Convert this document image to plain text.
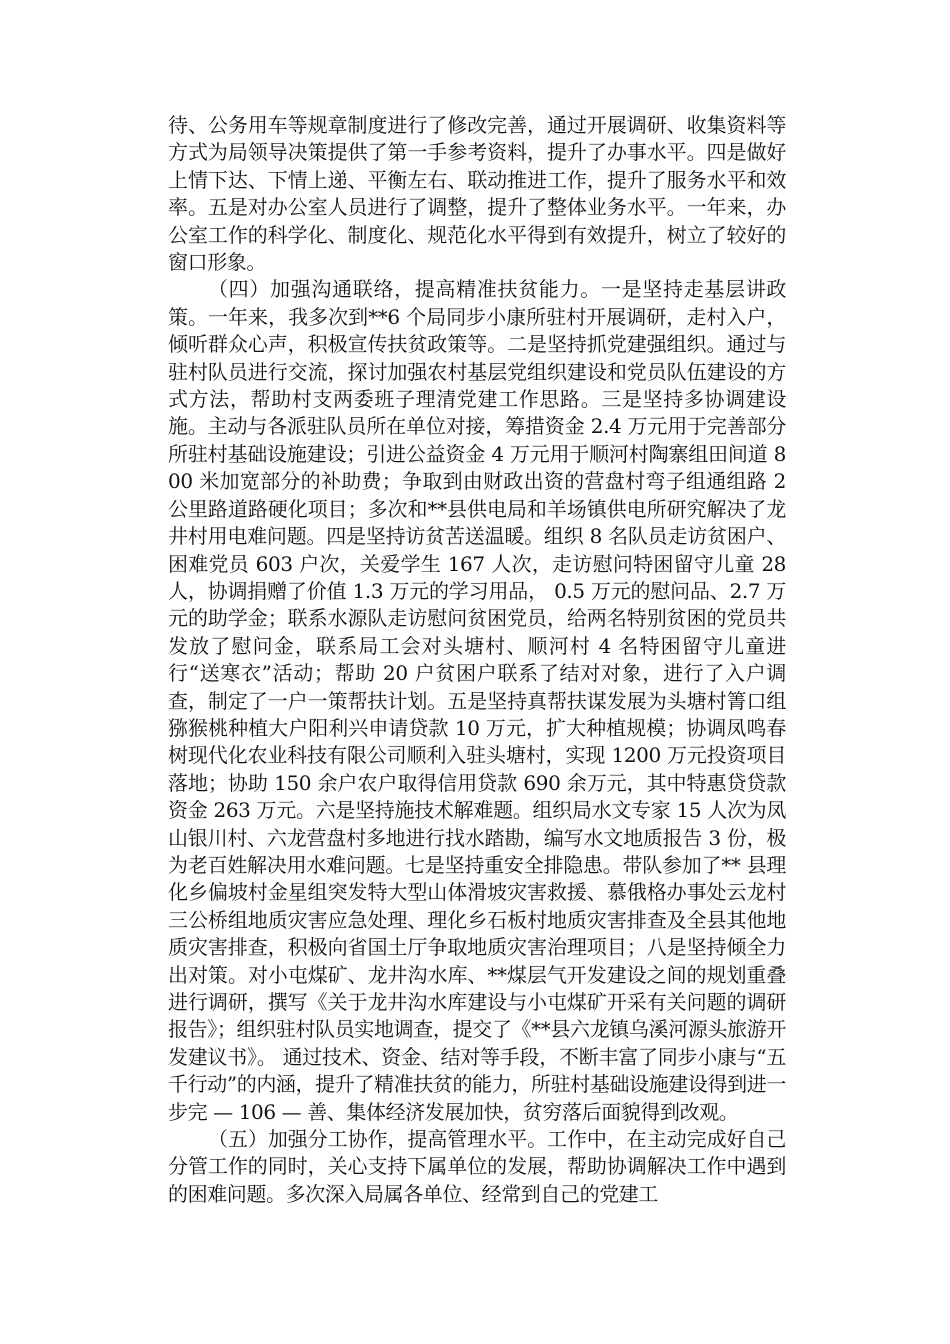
待、公务用车等规章制度进行了修改完善，通过开展调研、收集资料等方式为局领导决策提供了第一手参考资料，提升了办事水平。四是做好上情下达、下情上递、平衡左右、联动推进工作，提升了服务水平和效率。五是对办公室人员进行了调整，提升了整体业务水平。一年来，办公室工作的科学化、制度化、规范化水平得到有效提升，树立了较好的窗口形象。

（四）加强沟通联络，提高精准扶贫能力。一是坚持走基层讲政策。一年来，我多次到**6 个局同步小康所驻村开展调研，走村入户，倾听群众心声，积极宣传扶贫政策等。二是坚持抓党建强组织。通过与驻村队员进行交流，探讨加强农村基层党组织建设和党员队伍建设的方式方法，帮助村支两委班子理清党建工作思路。三是坚持多协调建设施。主动与各派驻队员所在单位对接，筹措资金 2.4 万元用于完善部分所驻村基础设施建设；引进公益资金 4 万元用于顺河村陶寨组田间道 800 米加宽部分的补助费；争取到由财政出资的营盘村弯子组通组路 2 公里路道路硬化项目；多次和**县供电局和羊场镇供电所研究解决了龙井村用电难问题。四是坚持访贫苦送温暖。组织 8 名队员走访贫困户、困难党员 603 户次，关爱学生 167 人次，走访慰问特困留守儿童 28 人，协调捐赠了价值 1.3 万元的学习用品， 0.5 万元的慰问品、2.7 万元的助学金；联系水源队走访慰问贫困党员，给两名特别贫困的党员共发放了慰问金，联系局工会对头塘村、顺河村 4 名特困留守儿童进行“送寒衣”活动；帮助 20 户贫困户联系了结对对象，进行了入户调查，制定了一户一策帮扶计划。五是坚持真帮扶谋发展为头塘村箐口组猕猴桃种植大户阳利兴申请贷款 10 万元，扩大种植规模；协调凤鸣春树现代化农业科技有限公司顺利入驻头塘村，实现 1200 万元投资项目落地；协助 150 余户农户取得信用贷款 690 余万元，其中特惠贷贷款资金 263 万元。六是坚持施技术解难题。组织局水文专家 15 人次为凤山银川村、六龙营盘村多地进行找水踏勘，编写水文地质报告 3 份，极为老百姓解决用水难问题。七是坚持重安全排隐患。带队参加了** 县理化乡偏坡村金星组突发特大型山体滑坡灾害救援、慕俄格办事处云龙村三公桥组地质灾害应急处理、理化乡石板村地质灾害排查及全县其他地质灾害排查，积极向省国土厅争取地质灾害治理项目；八是坚持倾全力出对策。对小屯煤矿、龙井沟水库、**煤层气开发建设之间的规划重叠进行调研，撰写《关于龙井沟水库建设与小屯煤矿开采有关问题的调研报告》；组织驻村队员实地调查，提交了《**县六龙镇乌溪河源头旅游开发建议书》。 通过技术、资金、结对等手段，不断丰富了同步小康与“五千行动”的内涵，提升了精准扶贫的能力，所驻村基础设施建设得到进一步完 — 106 — 善、集体经济发展加快，贫穷落后面貌得到改观。

（五）加强分工协作，提高管理水平。工作中，在主动完成好自己分管工作的同时，关心支持下属单位的发展，帮助协调解决工作中遇到的困难问题。多次深入局属各单位、经常到自己的党建工
